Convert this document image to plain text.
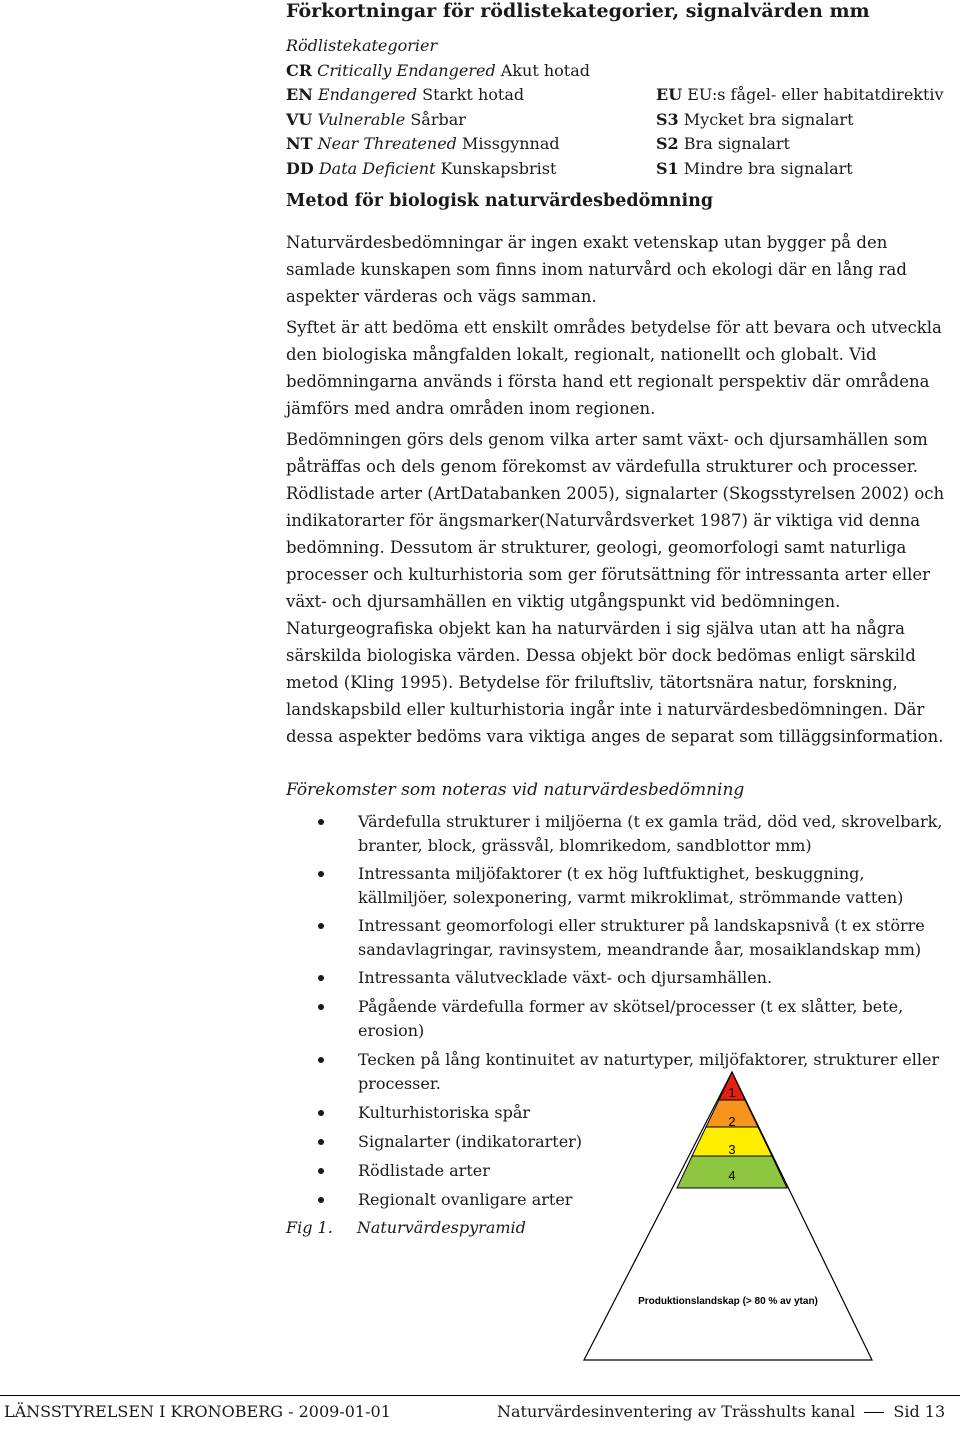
Förkortningar för rödlistekategorier, signalvärden mm
Rödlistekategorier
CR Critically Endangered Akut hotad
EN Endangered Starkt hotad
VU Vulnerable Sårbar
NT Near Threatened Missgynnad
DD Data Deficient Kunskapsbrist
EU EU:s fågel- eller habitatdirektiv
S3 Mycket bra signalart
S2 Bra signalart
S1 Mindre bra signalart
Metod för biologisk naturvärdesbedömning
Naturvärdesbedömningar är ingen exakt vetenskap utan bygger på den samlade kunskapen som finns inom naturvård och ekologi där en lång rad aspekter värderas och vägs samman.
Syftet är att bedöma ett enskilt områdes betydelse för att bevara och utveckla den biologiska mångfalden lokalt, regionalt, nationellt och globalt. Vid bedömningarna används i första hand ett regionalt perspektiv där områdena jämförs med andra områden inom regionen.
Bedömningen görs dels genom vilka arter samt växt- och djursamhällen som påträffas och dels genom förekomst av värdefulla strukturer och processer. Rödlistade arter (ArtDatabanken 2005), signalarter (Skogsstyrelsen 2002) och indikatorarter för ängsmarker(Naturvårdsverket 1987) är viktiga vid denna bedömning. Dessutom är strukturer, geologi, geomorfologi samt naturliga processer och kulturhistoria som ger förutsättning för intressanta arter eller växt- och djursamhällen en viktig utgångspunkt vid bedömningen. Naturgeografiska objekt kan ha naturvärden i sig själva utan att ha några särskilda biologiska värden. Dessa objekt bör dock bedömas enligt särskild metod (Kling 1995). Betydelse för friluftsliv, tätortsnära natur, forskning, landskapsbild eller kulturhistoria ingår inte i naturvärdesbedömningen. Där dessa aspekter bedöms vara viktiga anges de separat som tilläggsinformation.
Förekomster som noteras vid naturvärdesbedömning
Värdefulla strukturer i miljöerna (t ex gamla träd, död ved, skrovelbark, branter, block, grässvål, blomrikedom, sandblottor mm)
Intressanta miljöfaktorer (t ex hög luftfuktighet, beskuggning, källmiljöer, solexponering, varmt mikroklimat, strömmande vatten)
Intressant geomorfologi eller strukturer på landskapsnivå (t ex större sandavlagringar, ravinsystem, meandrande åar, mosaiklandskap mm)
Intressanta välutvecklade växt- och djursamhällen.
Pågående värdefulla former av skötsel/processer (t ex slåtter, bete, erosion)
Tecken på lång kontinuitet av naturtyper, miljöfaktorer, strukturer eller processer.
Kulturhistoriska spår
Signalarter (indikatorarter)
Rödlistade arter
Regionalt ovanligare arter
Fig 1. Naturvärdespyramid
1
2
3
4
Produktionslandskap (> 80 % av ytan)
LÄNSSTYRELSEN I KRONOBERG - 2009-01-01	Naturvärdesinventering av Trässhults kanal Sid 13
